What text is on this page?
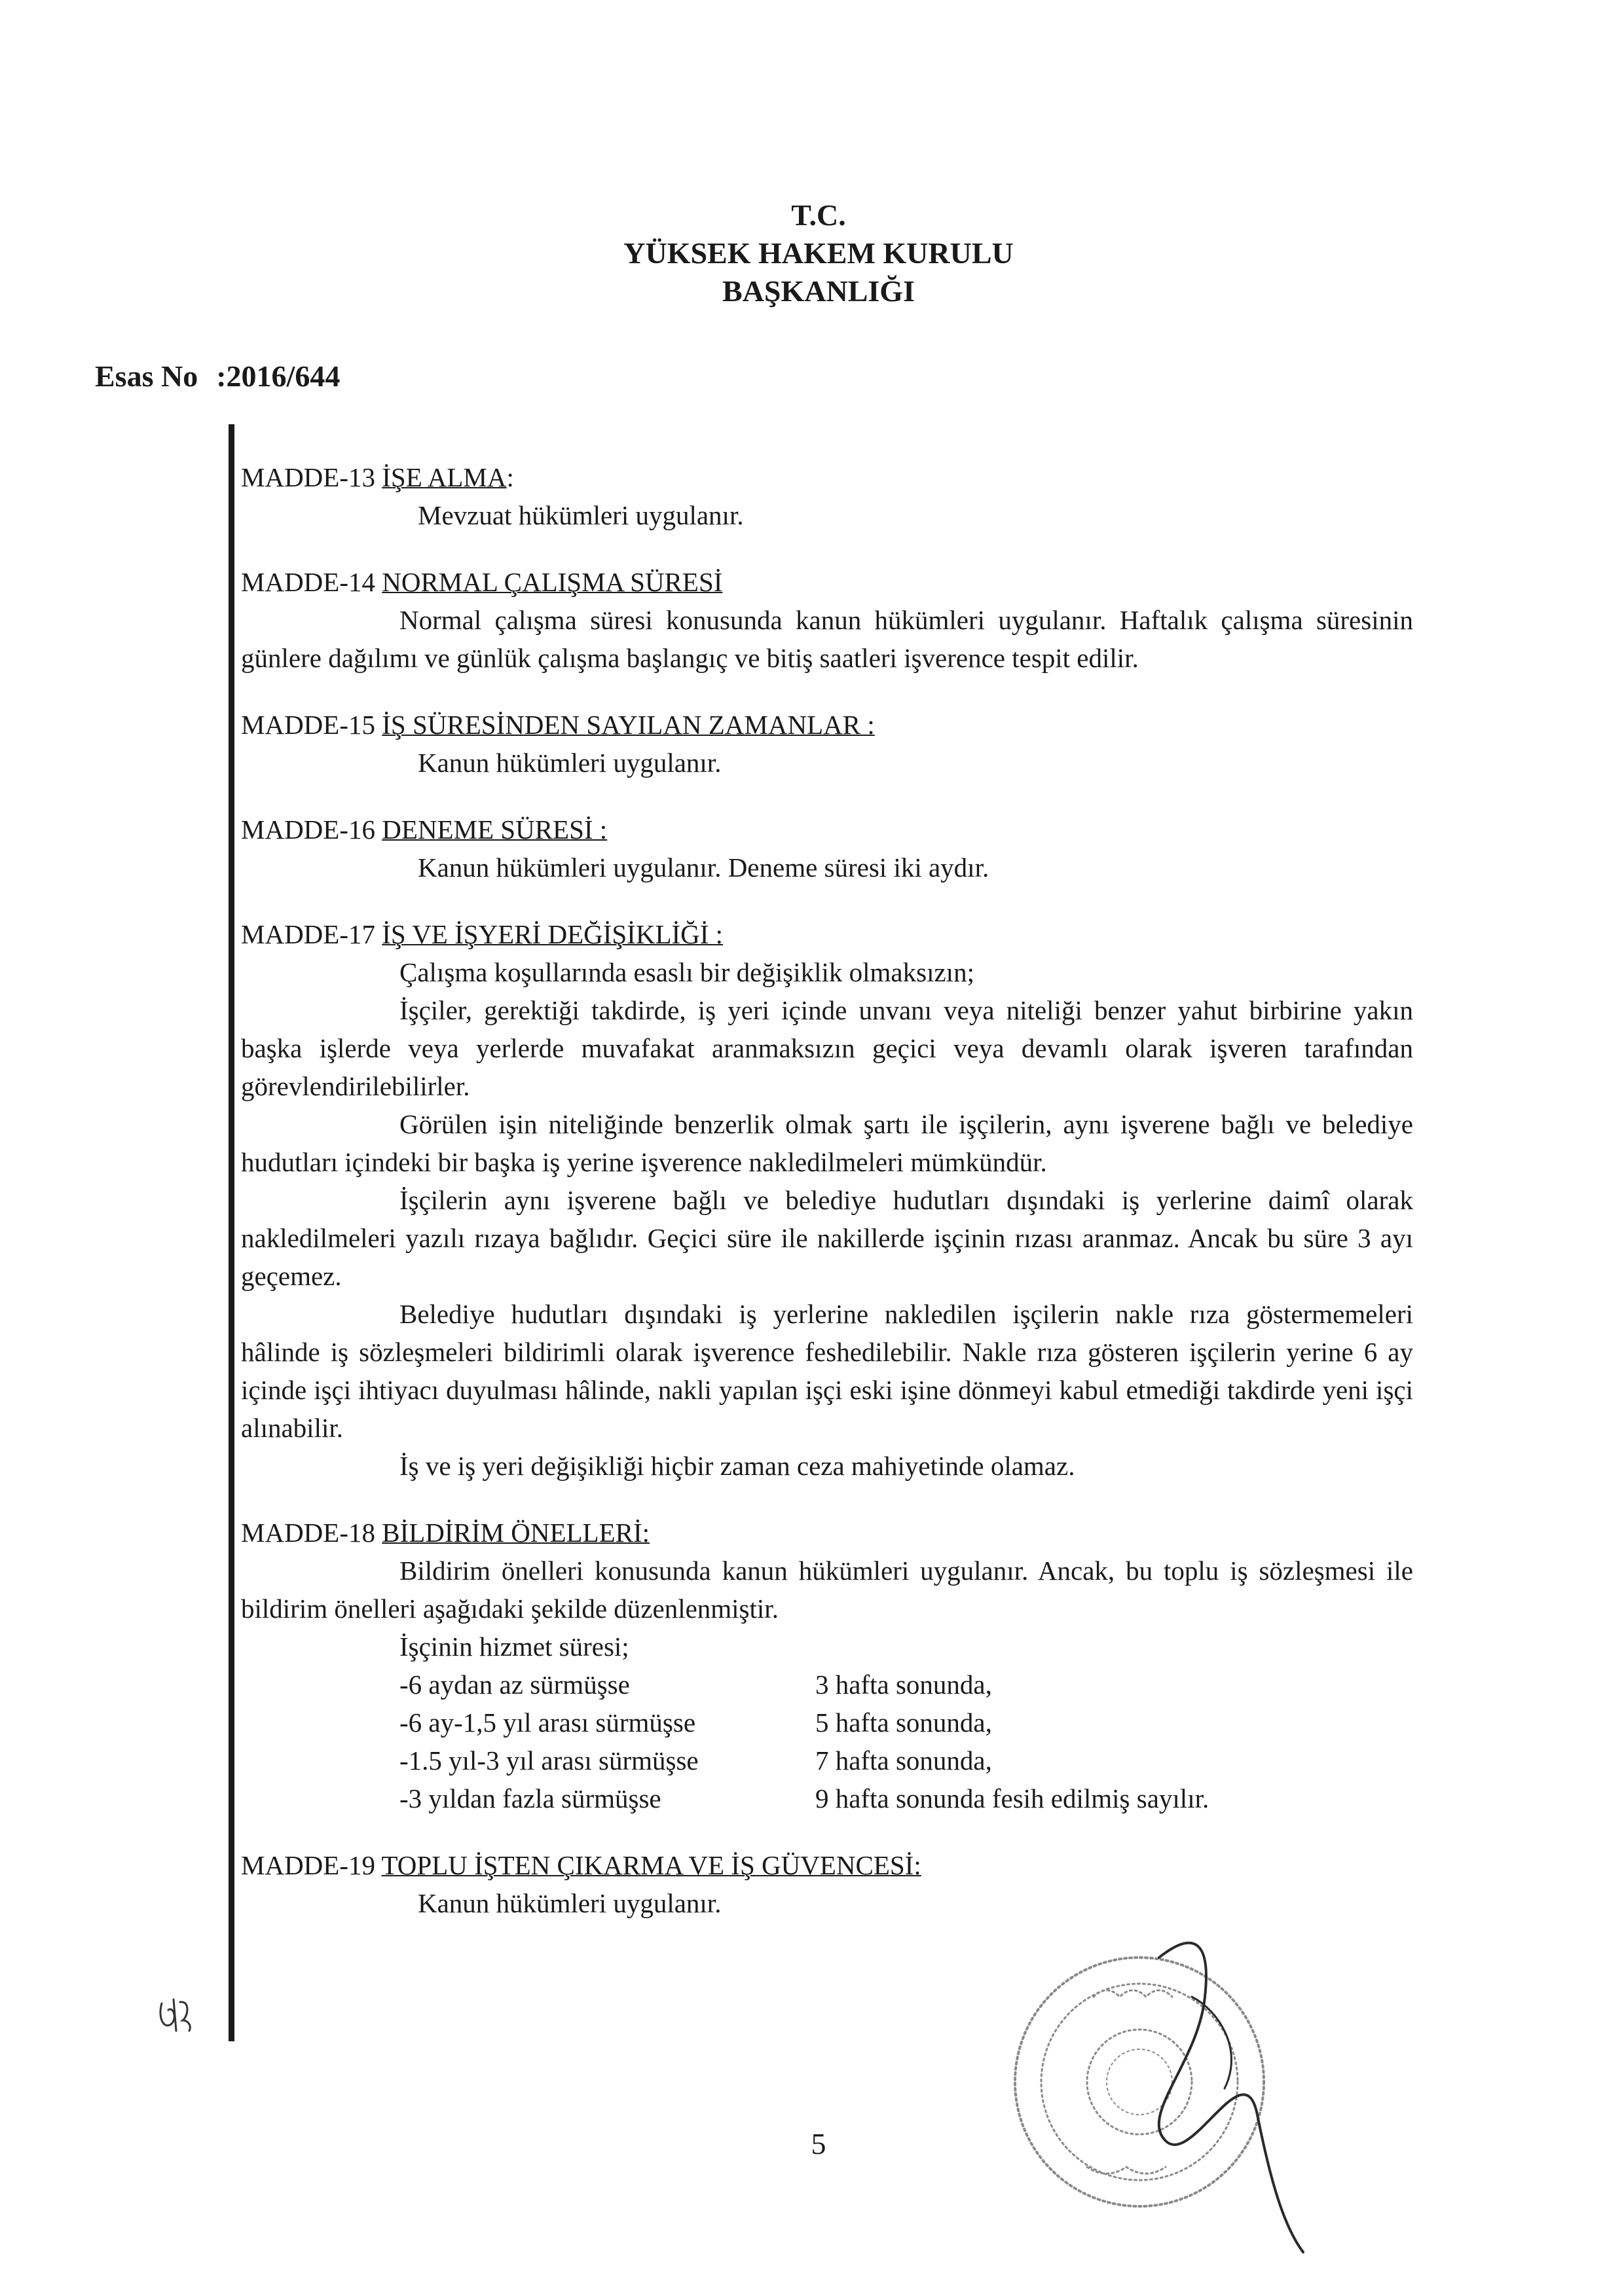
T.C.
YÜKSEK HAKEM KURULU
BAŞKANLIĞI
Esas No :2016/644
MADDE-13 İŞE ALMA:
Mevzuat hükümleri uygulanır.
MADDE-14 NORMAL ÇALIŞMA SÜRESİ
Normal çalışma süresi konusunda kanun hükümleri uygulanır. Haftalık çalışma süresinin günlere dağılımı ve günlük çalışma başlangıç ve bitiş saatleri işverence tespit edilir.
MADDE-15 İŞ SÜRESİNDEN SAYILAN ZAMANLAR :
Kanun hükümleri uygulanır.
MADDE-16 DENEME SÜRESİ :
Kanun hükümleri uygulanır. Deneme süresi iki aydır.
MADDE-17 İŞ VE İŞYERİ DEĞİŞİKLİĞİ :
Çalışma koşullarında esaslı bir değişiklik olmaksızın;
İşçiler, gerektiği takdirde, iş yeri içinde unvanı veya niteliği benzer yahut birbirine yakın başka işlerde veya yerlerde muvafakat aranmaksızın geçici veya devamlı olarak işveren tarafından görevlendirilebilirler.
Görülen işin niteliğinde benzerlik olmak şartı ile işçilerin, aynı işverene bağlı ve belediye hudutları içindeki bir başka iş yerine işverence nakledilmeleri mümkündür.
İşçilerin aynı işverene bağlı ve belediye hudutları dışındaki iş yerlerine daimî olarak nakledilmeleri yazılı rızaya bağlıdır. Geçici süre ile nakillerde işçinin rızası aranmaz. Ancak bu süre 3 ayı geçemez.
Belediye hudutları dışındaki iş yerlerine nakledilen işçilerin nakle rıza göstermemeleri hâlinde iş sözleşmeleri bildirimli olarak işverence feshedilebilir. Nakle rıza gösteren işçilerin yerine 6 ay içinde işçi ihtiyacı duyulması hâlinde, nakli yapılan işçi eski işine dönmeyi kabul etmediği takdirde yeni işçi alınabilir.
İş ve iş yeri değişikliği hiçbir zaman ceza mahiyetinde olamaz.
MADDE-18 BİLDİRİM ÖNELLERİ:
Bildirim önelleri konusunda kanun hükümleri uygulanır. Ancak, bu toplu iş sözleşmesi ile bildirim önelleri aşağıdaki şekilde düzenlenmiştir.
İşçinin hizmet süresi;
-6 aydan az sürmüşse	3 hafta sonunda,
-6 ay-1,5 yıl arası sürmüşse	5 hafta sonunda,
-1.5 yıl-3 yıl arası sürmüşse	7 hafta sonunda,
-3 yıldan fazla sürmüşse	9 hafta sonunda fesih edilmiş sayılır.
MADDE-19 TOPLU İŞTEN ÇIKARMA VE İŞ GÜVENCESİ:
Kanun hükümleri uygulanır.
5
